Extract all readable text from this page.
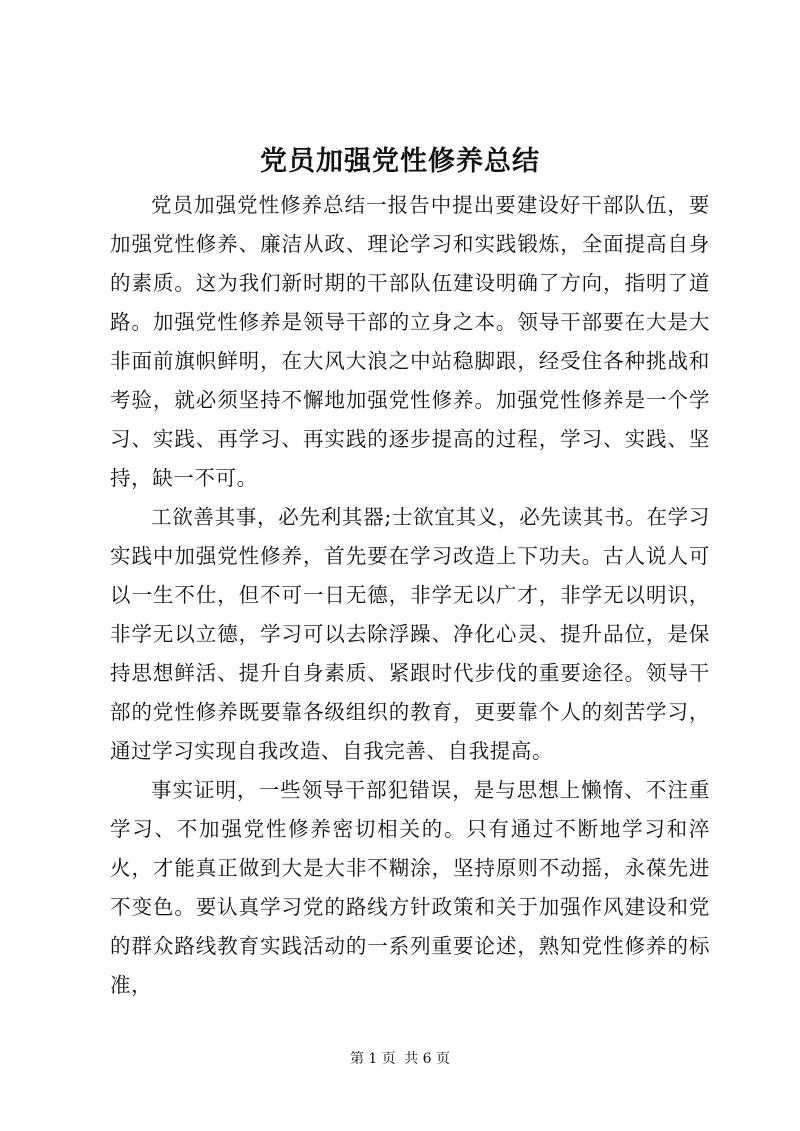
党员加强党性修养总结

党员加强党性修养总结一报告中提出要建设好干部队伍，要加强党性修养、廉洁从政、理论学习和实践锻炼，全面提高自身的素质。这为我们新时期的干部队伍建设明确了方向，指明了道路。加强党性修养是领导干部的立身之本。领导干部要在大是大非面前旗帜鲜明，在大风大浪之中站稳脚跟，经受住各种挑战和考验，就必须坚持不懈地加强党性修养。加强党性修养是一个学习、实践、再学习、再实践的逐步提高的过程，学习、实践、坚持，缺一不可。

工欲善其事，必先利其器;士欲宜其义，必先读其书。在学习实践中加强党性修养，首先要在学习改造上下功夫。古人说人可以一生不仕，但不可一日无德，非学无以广才，非学无以明识，非学无以立德，学习可以去除浮躁、净化心灵、提升品位，是保持思想鲜活、提升自身素质、紧跟时代步伐的重要途径。领导干部的党性修养既要靠各级组织的教育，更要靠个人的刻苦学习，通过学习实现自我改造、自我完善、自我提高。

事实证明，一些领导干部犯错误，是与思想上懒惰、不注重学习、不加强党性修养密切相关的。只有通过不断地学习和淬火，才能真正做到大是大非不糊涂，坚持原则不动摇，永葆先进不变色。要认真学习党的路线方针政策和关于加强作风建设和党的群众路线教育实践活动的一系列重要论述，熟知党性修养的标准，

第 1 页 共 6 页
